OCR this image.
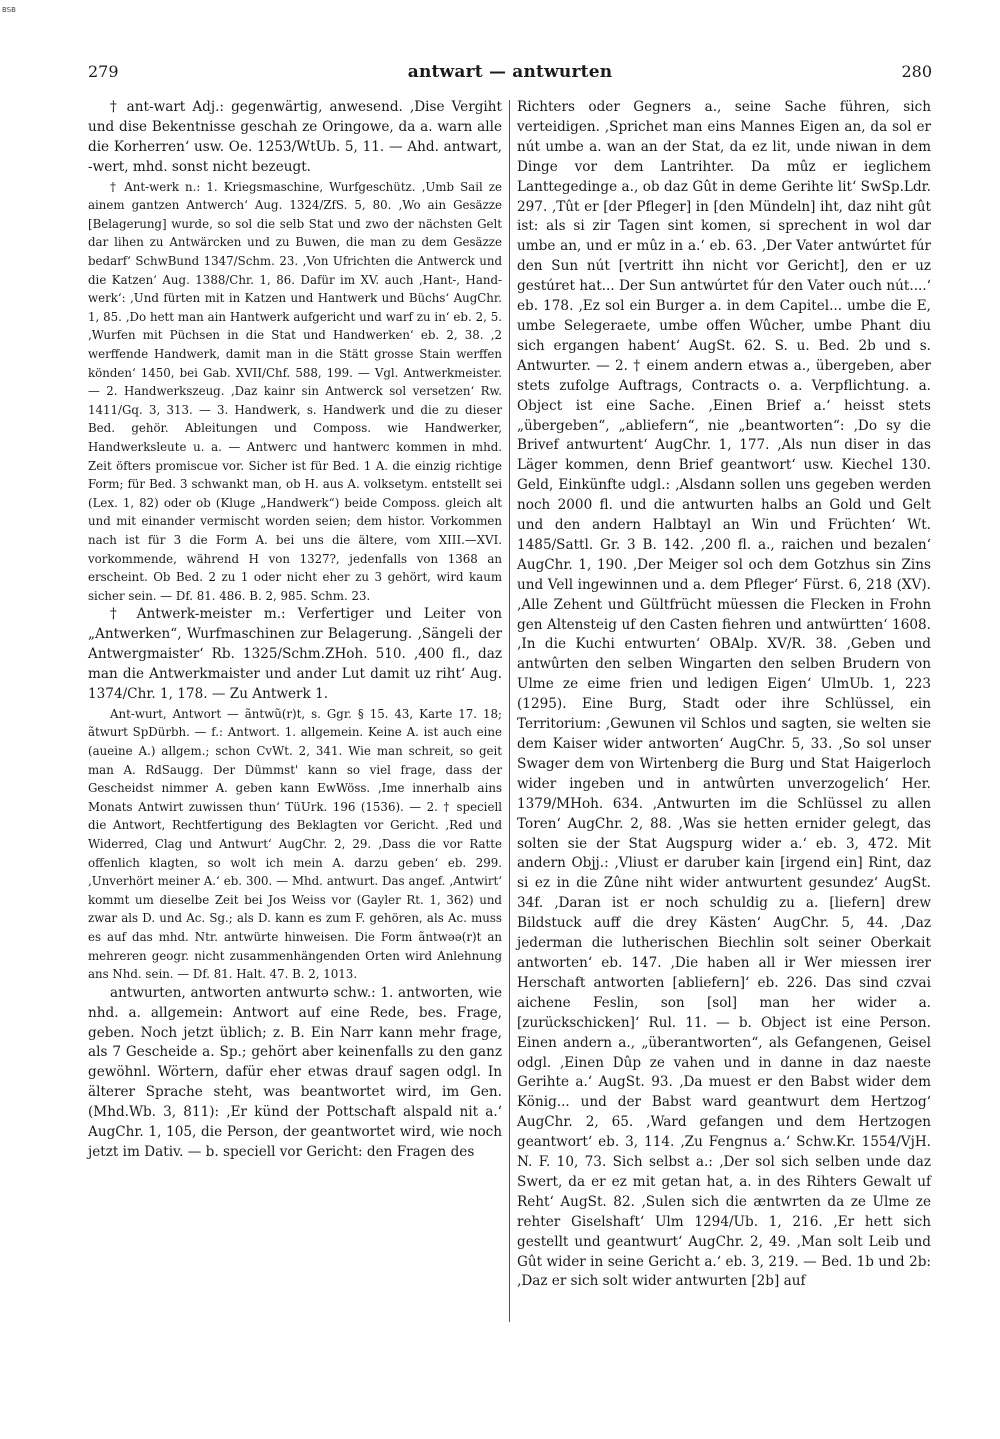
BSB
279	antwart — antwurten	280

† ant-wart Adj.: gegenwärtig, anwesend. ‚Dise Vergiht und dise Bekentnisse geschah ze Oringowe, da a. warn alle die Korherren‘ usw. Oe. 1253/WtUb. 5, 11. — Ahd. antwart, -wert, mhd. sonst nicht bezeugt.

† Ant-werk n.: 1. Kriegsmaschine, Wurfgeschütz. ‚Umb Sail ze ainem gantzen Antwerch‘ Aug. 1324/ZfS. 5, 80. ‚Wo ain Gesäzze [Belagerung] wurde, so sol die selb Stat und zwo der nächsten Gelt dar lihen zu Antwärcken und zu Buwen, die man zu dem Gesäzze bedarf‘ SchwBund 1347/Schm. 23. ‚Von Ufrichten die Antwerck und die Katzen‘ Aug. 1388/Chr. 1, 86. Dafür im XV. auch ‚Hant-, Hand-werk‘: ‚Und fürten mit in Katzen und Hantwerk und Büchs‘ AugChr. 1, 85. ‚Do hett man ain Hantwerk aufgericht und warf zu in‘ eb. 2, 5. ‚Wurfen mit Püchsen in die Stat und Handwerken‘ eb. 2, 38. ‚2 werffende Handwerk, damit man in die Stätt grosse Stain werffen könden‘ 1450, bei Gab. XVII/Chf. 588, 199. — Vgl. Antwerkmeister. — 2. Handwerkszeug. ‚Daz kainr sin Antwerck sol versetzen‘ Rw. 1411/Gq. 3, 313. — 3. Handwerk, s. Handwerk und die zu dieser Bed. gehör. Ableitungen und Composs. wie Handwerker, Handwerksleute u. a. — Antwerc und hantwerc kommen in mhd. Zeit öfters promiscue vor. Sicher ist für Bed. 1 A. die einzig richtige Form; für Bed. 3 schwankt man, ob H. aus A. volksetym. entstellt sei (Lex. 1, 82) oder ob (Kluge „Handwerk“) beide Composs. gleich alt und mit einander vermischt worden seien; dem histor. Vorkommen nach ist für 3 die Form A. bei uns die ältere, vom XIII.—XVI. vorkommende, während H von 1327?, jedenfalls von 1368 an erscheint. Ob Bed. 2 zu 1 oder nicht eher zu 3 gehört, wird kaum sicher sein. — Df. 81. 486. B. 2, 985. Schm. 23.

† Antwerk-meister m.: Verfertiger und Leiter von „Antwerken“, Wurfmaschinen zur Belagerung. ‚Sängeli der Antwergmaister‘ Rb. 1325/Schm.ZHoh. 510. ‚400 fl., daz man die Antwerkmaister und ander Lut damit uz riht‘ Aug. 1374/Chr. 1, 178. — Zu Antwerk 1.

Ant-wurt, Antwort — ãntwũ(r)t, s. Ggr. § 15. 43, Karte 17. 18; ãtwurt SpDürbh. — f.: Antwort. 1. allgemein. Keine A. ist auch eine (aueine A.) allgem.; schon CvWt. 2, 341. Wie man schreit, so geit man A. RdSaugg. Der Dümmst' kann so viel frage, dass der Gescheidst nimmer A. geben kann EwWöss. ‚Ime innerhalb ains Monats Antwirt zuwissen thun‘ TüUrk. 196 (1536). — 2. † speciell die Antwort, Rechtfertigung des Beklagten vor Gericht. ‚Red und Widerred, Clag und Antwurt‘ AugChr. 2, 29. ‚Dass die vor Ratte offenlich klagten, so wolt ich mein A. darzu geben‘ eb. 299. ‚Unverhört meiner A.‘ eb. 300. — Mhd. antwurt. Das angef. ‚Antwirt‘ kommt um dieselbe Zeit bei Jos Weiss vor (Gayler Rt. 1, 362) und zwar als D. und Ac. Sg.; als D. kann es zum F. gehören, als Ac. muss es auf das mhd. Ntr. antwürte hinweisen. Die Form ãntwǝǝ(r)t an mehreren geogr. nicht zusammenhängenden Orten wird Anlehnung ans Nhd. sein. — Df. 81. Halt. 47. B. 2, 1013.

antwurten, antworten antwurtǝ schw.: 1. antworten, wie nhd. a. allgemein: Antwort auf eine Rede, bes. Frage, geben. Noch jetzt üblich; z. B. Ein Narr kann mehr frage, als 7 Gescheide a. Sp.; gehört aber keinenfalls zu den ganz gewöhnl. Wörtern, dafür eher etwas drauf sagen odgl. In älterer Sprache steht, was beantwortet wird, im Gen. (Mhd.Wb. 3, 811): ‚Er künd der Pottschaft alspald nit a.‘ AugChr. 1, 105, die Person, der geantwortet wird, wie noch jetzt im Dativ. — b. speciell vor Gericht: den Fragen des

Richters oder Gegners a., seine Sache führen, sich verteidigen. ‚Sprichet man eins Mannes Eigen an, da sol er nút umbe a. wan an der Stat, da ez lit, unde niwan in dem Dinge vor dem Lantrihter. Da mûz er ieglichem Lanttegedinge a., ob daz Gût in deme Gerihte lit‘ SwSp.Ldr. 297. ‚Tût er [der Pfleger] in [den Mündeln] iht, daz niht gût ist: als si zir Tagen sint komen, si sprechent in wol dar umbe an, und er mûz in a.‘ eb. 63. ‚Der Vater antwúrtet fúr den Sun nút [vertritt ihn nicht vor Gericht], den er uz gestúret hat... Der Sun antwúrtet fúr den Vater ouch nút....‘ eb. 178. ‚Ez sol ein Burger a. in dem Capitel... umbe die E, umbe Selegeraete, umbe offen Wûcher, umbe Phant diu sich ergangen habent‘ AugSt. 62. S. u. Bed. 2b und s. Antwurter. — 2. † einem andern etwas a., übergeben, aber stets zufolge Auftrags, Contracts o. a. Verpflichtung. a. Object ist eine Sache. ‚Einen Brief a.‘ heisst stets „übergeben“, „abliefern“, nie „beantworten“: ‚Do sy die Brivef antwurtent‘ AugChr. 1, 177. ‚Als nun diser in das Läger kommen, denn Brief geantwort‘ usw. Kiechel 130. Geld, Einkünfte udgl.: ‚Alsdann sollen uns gegeben werden noch 2000 fl. und die antwurten halbs an Gold und Gelt und den andern Halbtayl an Win und Früchten‘ Wt. 1485/Sattl. Gr. 3 B. 142. ‚200 fl. a., raichen und bezalen‘ AugChr. 1, 190. ‚Der Meiger sol och dem Gotzhus sin Zins und Vell ingewinnen und a. dem Pfleger‘ Fürst. 6, 218 (XV). ‚Alle Zehent und Gültfrücht müessen die Flecken in Frohn gen Altensteig uf den Casten fiehren und antwürtten‘ 1608. ‚In die Kuchi entwurten‘ OBAlp. XV/R. 38. ‚Geben und antwûrten den selben Wingarten den selben Brudern von Ulme ze eime frien und ledigen Eigen‘ UlmUb. 1, 223 (1295). Eine Burg, Stadt oder ihre Schlüssel, ein Territorium: ‚Gewunen vil Schlos und sagten, sie welten sie dem Kaiser wider antworten‘ AugChr. 5, 33. ‚So sol unser Swager dem von Wirtenberg die Burg und Stat Haigerloch wider ingeben und in antwûrten unverzogelich‘ Her. 1379/MHoh. 634. ‚Antwurten im die Schlüssel zu allen Toren‘ AugChr. 2, 88. ‚Was sie hetten ernider gelegt, das solten sie der Stat Augspurg wider a.‘ eb. 3, 472. Mit andern Objj.: ‚Vliust er daruber kain [irgend ein] Rint, daz si ez in die Zûne niht wider antwurtent gesundez‘ AugSt. 34f. ‚Daran ist er noch schuldig zu a. [liefern] drew Bildstuck auff die drey Kästen‘ AugChr. 5, 44. ‚Daz jederman die lutherischen Biechlin solt seiner Oberkait antworten‘ eb. 147. ‚Die haben all ir Wer miessen irer Herschaft antworten [abliefern]‘ eb. 226. Das sind czvai aichene Feslin, son [sol] man her wider a. [zurückschicken]‘ Rul. 11. — b. Object ist eine Person. Einen andern a., „überantworten“, als Gefangenen, Geisel odgl. ‚Einen Dûp ze vahen und in danne in daz naeste Gerihte a.‘ AugSt. 93. ‚Da muest er den Babst wider dem König... und der Babst ward geantwurt dem Hertzog‘ AugChr. 2, 65. ‚Ward gefangen und dem Hertzogen geantwort‘ eb. 3, 114. ‚Zu Fengnus a.‘ Schw.Kr. 1554/VjH. N. F. 10, 73. Sich selbst a.: ‚Der sol sich selben unde daz Swert, da er ez mit getan hat, a. in des Rihters Gewalt uf Reht‘ AugSt. 82. ‚Sulen sich die æntwrten da ze Ulme ze rehter Giselshaft‘ Ulm 1294/Ub. 1, 216. ‚Er hett sich gestellt und geantwurt‘ AugChr. 2, 49. ‚Man solt Leib und Gût wider in seine Gericht a.‘ eb. 3, 219. — Bed. 1b und 2b: ‚Daz er sich solt wider antwurten [2b] auf
